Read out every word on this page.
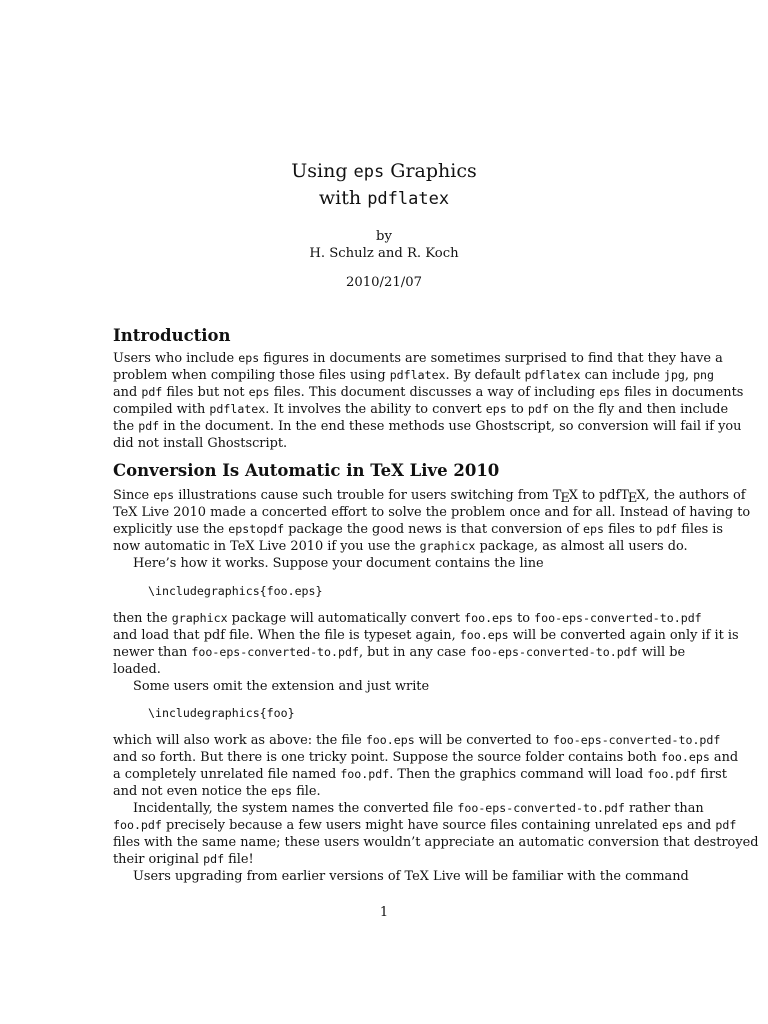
Using eps Graphics
with pdflatex
by
H. Schulz and R. Koch
2010/21/07
Introduction
Users who include eps figures in documents are sometimes surprised to find that they have a
problem when compiling those files using pdflatex. By default pdflatex can include jpg, png
and pdf files but not eps files. This document discusses a way of including eps files in documents
compiled with pdflatex. It involves the ability to convert eps to pdf on the fly and then include
the pdf in the document. In the end these methods use Ghostscript, so conversion will fail if you
did not install Ghostscript.
Conversion Is Automatic in TeX Live 2010
Since eps illustrations cause such trouble for users switching from TEX to pdfTEX, the authors of
TeX Live 2010 made a concerted effort to solve the problem once and for all. Instead of having to
explicitly use the epstopdf package the good news is that conversion of eps files to pdf files is
now automatic in TeX Live 2010 if you use the graphicx package, as almost all users do.
Here’s how it works. Suppose your document contains the line
\includegraphics{foo.eps}
then the graphicx package will automatically convert foo.eps to foo-eps-converted-to.pdf
and load that pdf file. When the file is typeset again, foo.eps will be converted again only if it is
newer than foo-eps-converted-to.pdf, but in any case foo-eps-converted-to.pdf will be
loaded.
Some users omit the extension and just write
\includegraphics{foo}
which will also work as above: the file foo.eps will be converted to foo-eps-converted-to.pdf
and so forth. But there is one tricky point. Suppose the source folder contains both foo.eps and
a completely unrelated file named foo.pdf. Then the graphics command will load foo.pdf first
and not even notice the eps file.
Incidentally, the system names the converted file foo-eps-converted-to.pdf rather than
foo.pdf precisely because a few users might have source files containing unrelated eps and pdf
files with the same name; these users wouldn’t appreciate an automatic conversion that destroyed
their original pdf file!
Users upgrading from earlier versions of TeX Live will be familiar with the command
1
